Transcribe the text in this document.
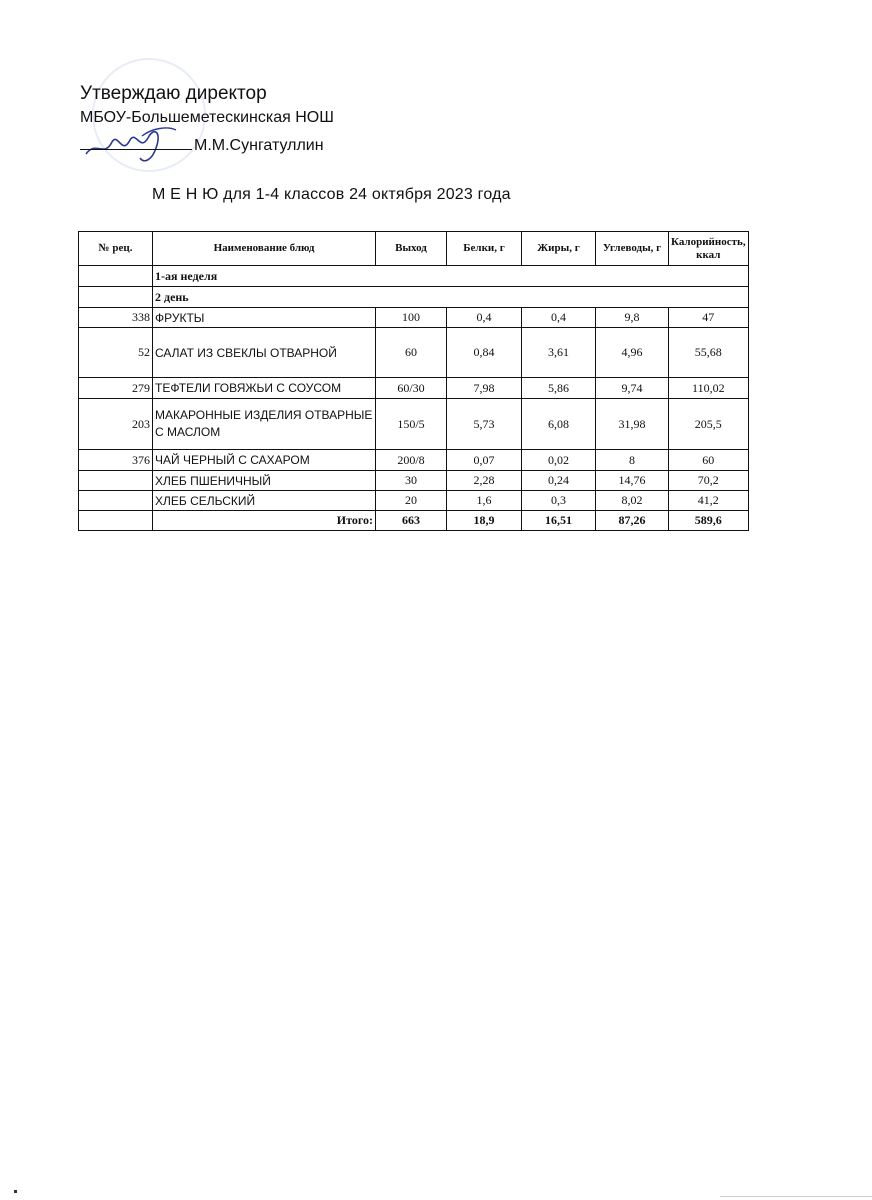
Утверждаю директор
МБОУ-Большеметескинская НОШ
М.М.Сунгатуллин
М Е Н Ю для 1-4 классов 24 октября 2023 года
№ рец.	Наименование блюд	Выход	Белки, г	Жиры, г	Углеводы, г	Калорийность, ккал
	1-ая неделя					
	2 день					
338	ФРУКТЫ	100	0,4	0,4	9,8	47
52	САЛАТ ИЗ СВЕКЛЫ ОТВАРНОЙ	60	0,84	3,61	4,96	55,68
279	ТЕФТЕЛИ ГОВЯЖЬИ С СОУСОМ	60/30	7,98	5,86	9,74	110,02
203	МАКАРОННЫЕ ИЗДЕЛИЯ ОТВАРНЫЕ С МАСЛОМ	150/5	5,73	6,08	31,98	205,5
376	ЧАЙ ЧЕРНЫЙ С САХАРОМ	200/8	0,07	0,02	8	60
	ХЛЕБ ПШЕНИЧНЫЙ	30	2,28	0,24	14,76	70,2
	ХЛЕБ СЕЛЬСКИЙ	20	1,6	0,3	8,02	41,2
	Итого:	663	18,9	16,51	87,26	589,6
